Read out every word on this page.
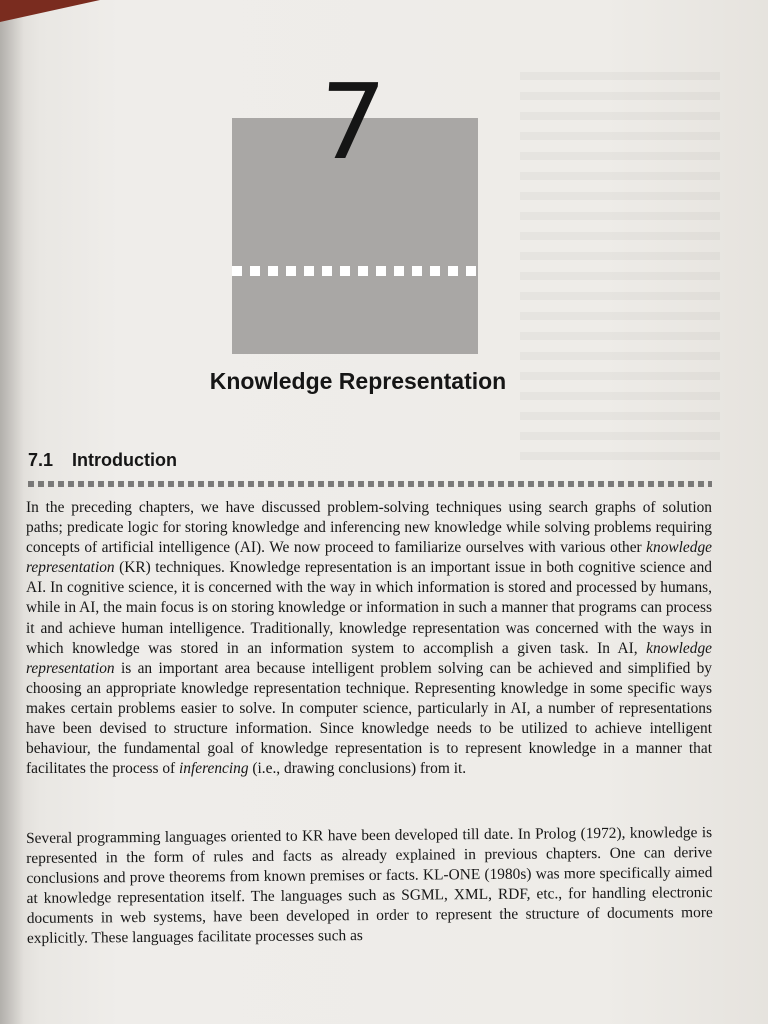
7
Knowledge Representation
7.1 Introduction

In the preceding chapters, we have discussed problem-solving techniques using search graphs of solution paths; predicate logic for storing knowledge and inferencing new knowledge while solving problems requiring concepts of artificial intelligence (AI). We now proceed to familiarize ourselves with various other knowledge representation (KR) techniques. Knowledge representation is an important issue in both cognitive science and AI. In cognitive science, it is concerned with the way in which information is stored and processed by humans, while in AI, the main focus is on storing knowledge or information in such a manner that programs can process it and achieve human intelligence. Traditionally, knowledge representation was concerned with the ways in which knowledge was stored in an information system to accomplish a given task. In AI, knowledge representation is an important area because intelligent problem solving can be achieved and simplified by choosing an appropriate knowledge representation technique. Representing knowledge in some specific ways makes certain problems easier to solve. In computer science, particularly in AI, a number of representations have been devised to structure information. Since knowledge needs to be utilized to achieve intelligent behaviour, the fundamental goal of knowledge representation is to represent knowledge in a manner that facilitates the process of inferencing (i.e., drawing conclusions) from it.

Several programming languages oriented to KR have been developed till date. In Prolog (1972), knowledge is represented in the form of rules and facts as already explained in previous chapters. One can derive conclusions and prove theorems from known premises or facts. KL-ONE (1980s) was more specifically aimed at knowledge representation itself. The languages such as SGML, XML, RDF, etc., for handling electronic documents in web systems, have been developed in order to represent the structure of documents more explicitly. These languages facilitate processes such as
